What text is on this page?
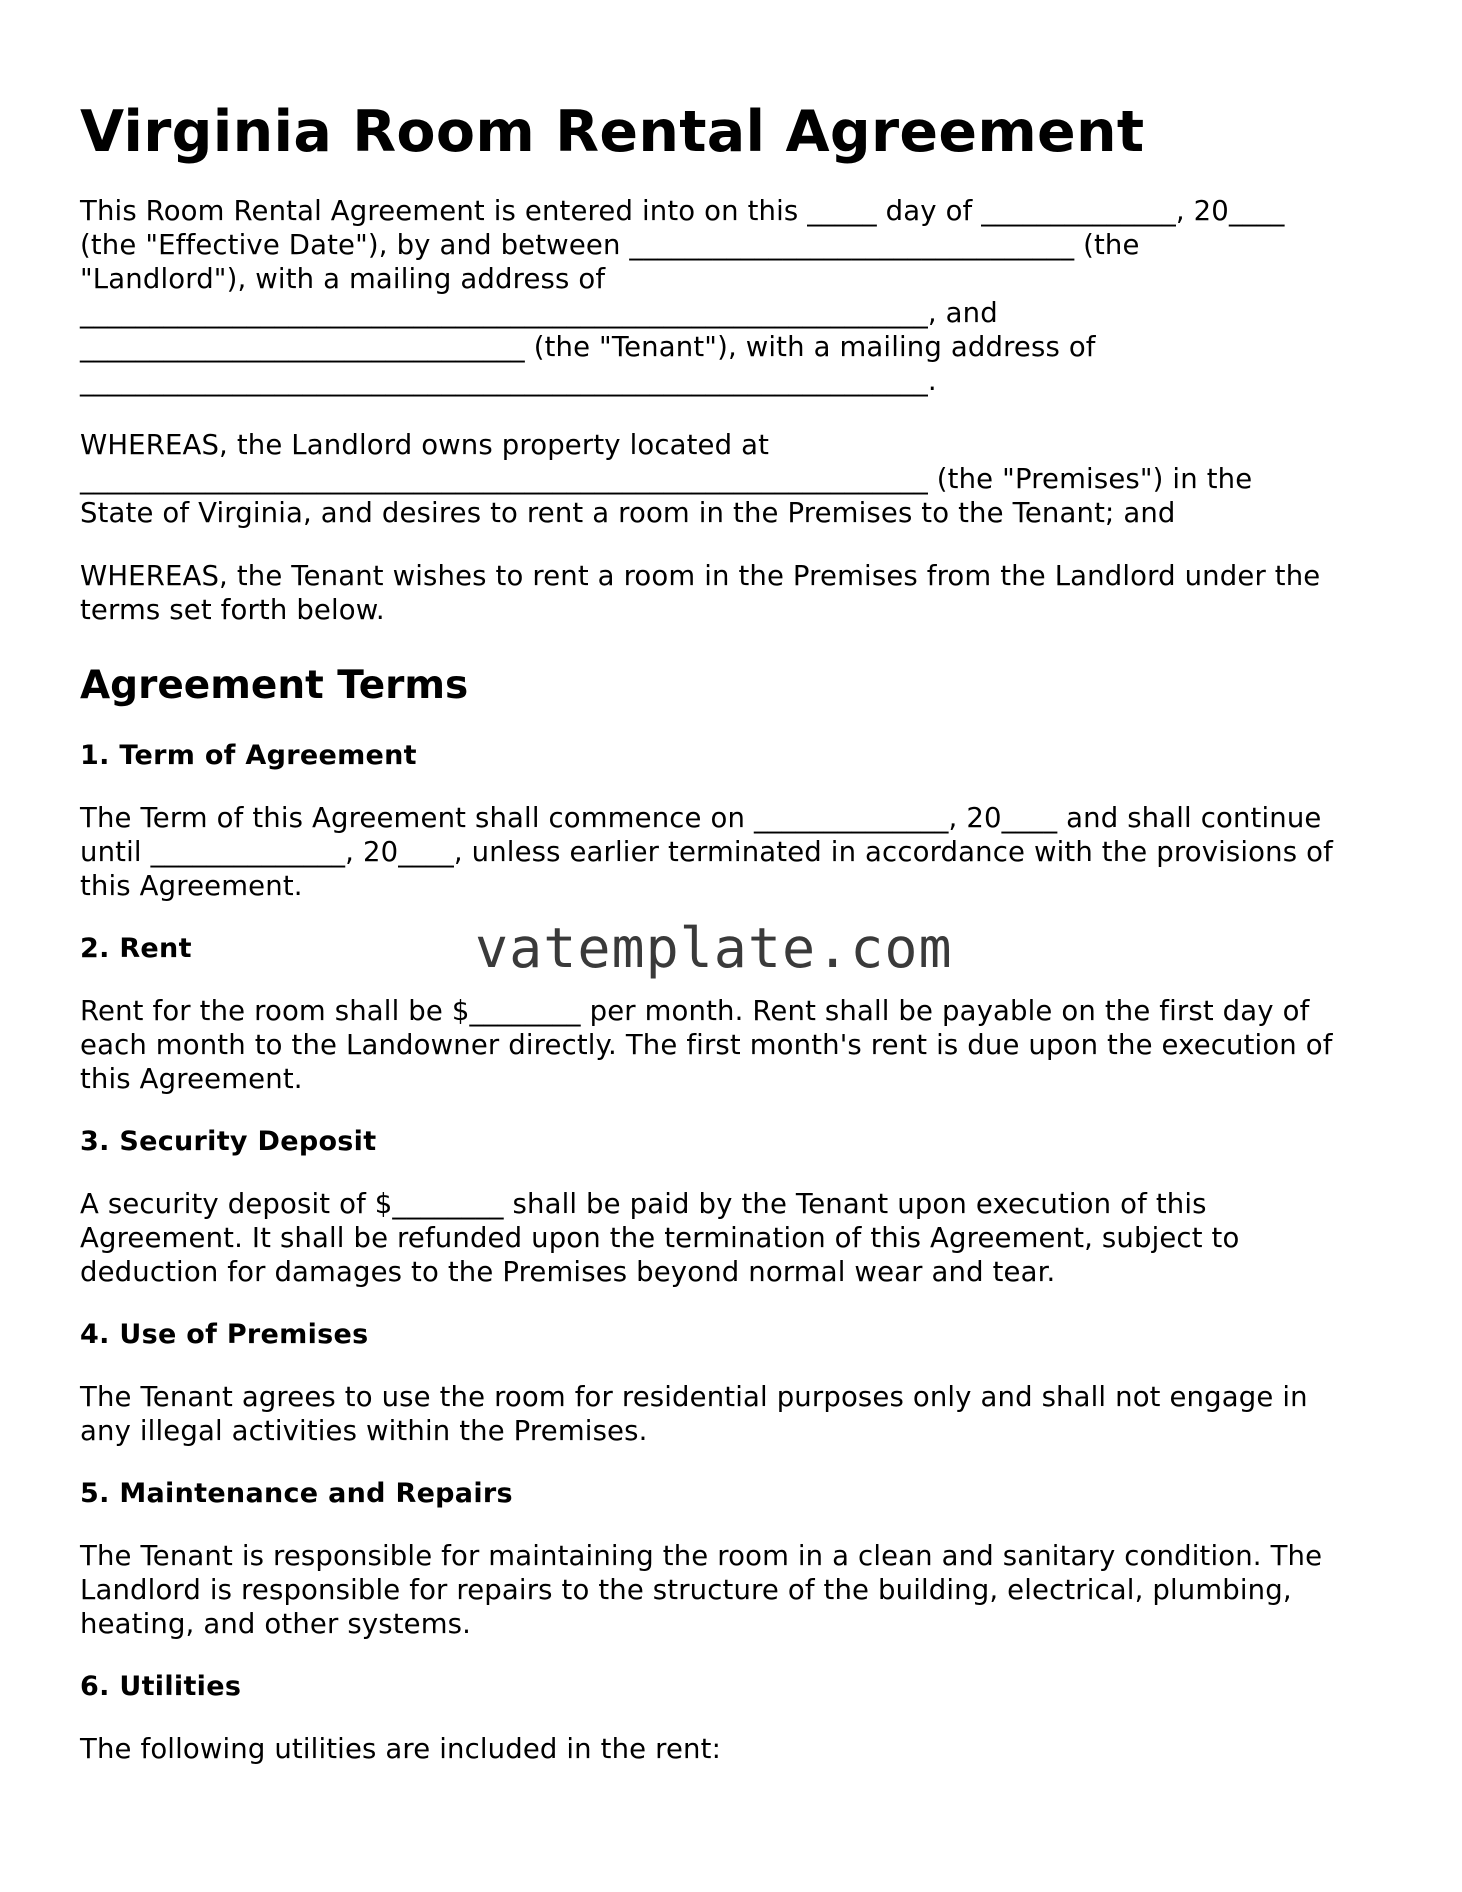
Virginia Room Rental Agreement

This Room Rental Agreement is entered into on this _____ day of ______________, 20____
(the "Effective Date"), by and between ________________________________ (the
"Landlord"), with a mailing address of
_____________________________________________________________, and
________________________________ (the "Tenant"), with a mailing address of
_____________________________________________________________.

WHEREAS, the Landlord owns property located at
_____________________________________________________________ (the "Premises") in the
State of Virginia, and desires to rent a room in the Premises to the Tenant; and

WHEREAS, the Tenant wishes to rent a room in the Premises from the Landlord under the
terms set forth below.

Agreement Terms
1. Term of Agreement

The Term of this Agreement shall commence on ______________, 20____ and shall continue
until ______________, 20____, unless earlier terminated in accordance with the provisions of
this Agreement.

2. Rent

Rent for the room shall be $________ per month. Rent shall be payable on the first day of
each month to the Landowner directly. The first month's rent is due upon the execution of
this Agreement.

3. Security Deposit

A security deposit of $________ shall be paid by the Tenant upon execution of this
Agreement. It shall be refunded upon the termination of this Agreement, subject to
deduction for damages to the Premises beyond normal wear and tear.

4. Use of Premises

The Tenant agrees to use the room for residential purposes only and shall not engage in
any illegal activities within the Premises.

5. Maintenance and Repairs

The Tenant is responsible for maintaining the room in a clean and sanitary condition. The
Landlord is responsible for repairs to the structure of the building, electrical, plumbing,
heating, and other systems.

6. Utilities

The following utilities are included in the rent:

vatemplate.com
